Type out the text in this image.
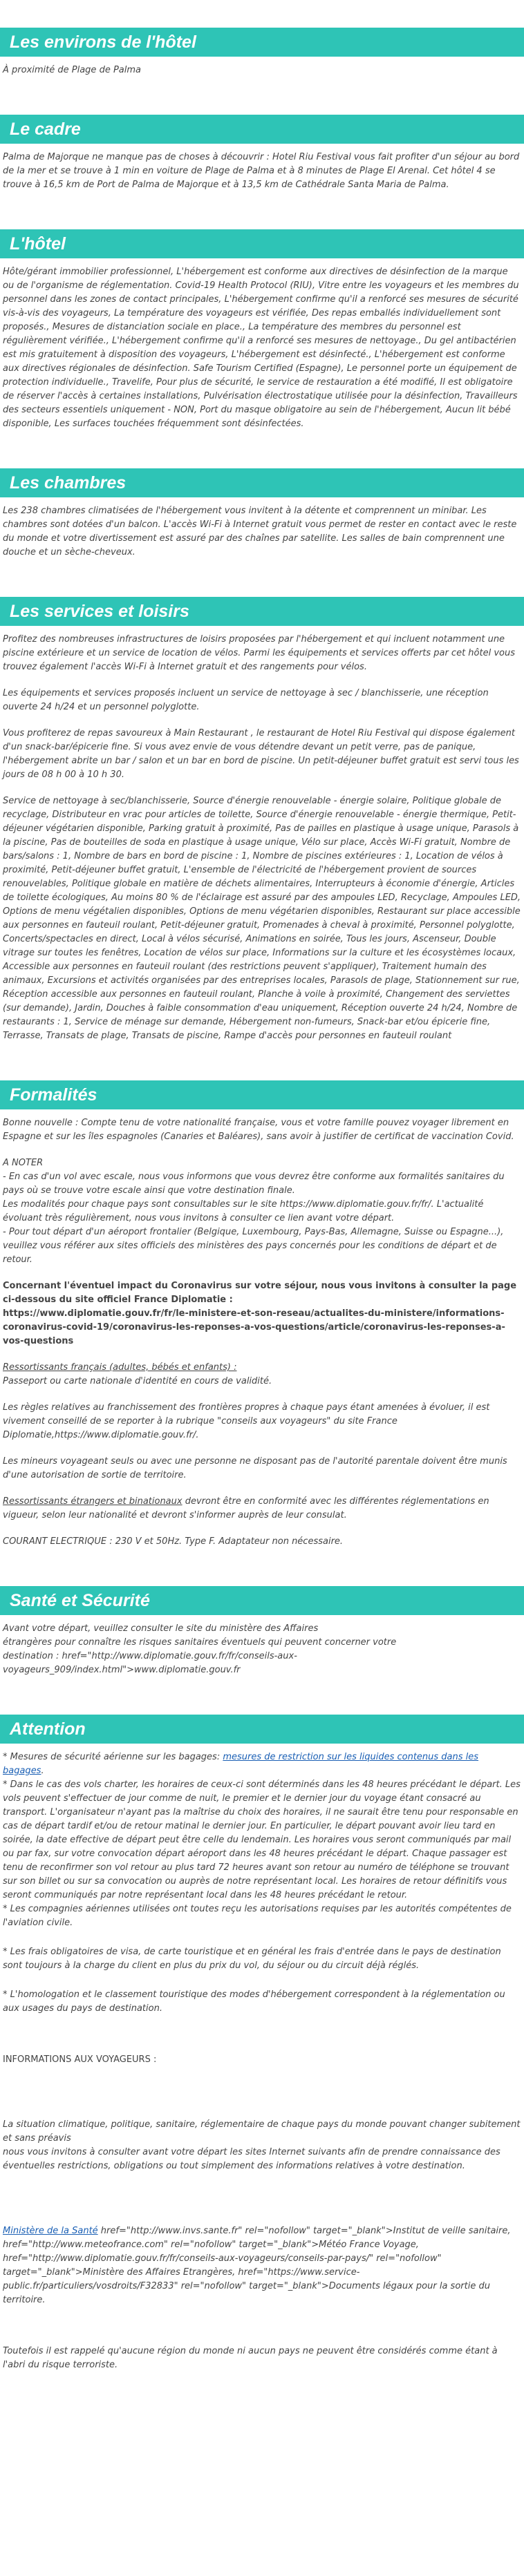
Les environs de l'hôtel

À proximité de Plage de Palma

Le cadre

Palma de Majorque ne manque pas de choses à découvrir : Hotel Riu Festival vous fait profiter d'un séjour au bord de la mer et se trouve à 1 min en voiture de Plage de Palma et à 8 minutes de Plage El Arenal. Cet hôtel 4 se trouve à 16,5 km de Port de Palma de Majorque et à 13,5 km de Cathédrale Santa Maria de Palma.

L'hôtel

Hôte/gérant immobilier professionnel, L'hébergement est conforme aux directives de désinfection de la marque ou de l'organisme de réglementation. Covid-19 Health Protocol (RIU), Vitre entre les voyageurs et les membres du personnel dans les zones de contact principales, L'hébergement confirme qu'il a renforcé ses mesures de sécurité vis-à-vis des voyageurs, La température des voyageurs est vérifiée, Des repas emballés individuellement sont proposés., Mesures de distanciation sociale en place., La température des membres du personnel est régulièrement vérifiée., L'hébergement confirme qu'il a renforcé ses mesures de nettoyage., Du gel antibactérien est mis gratuitement à disposition des voyageurs, L'hébergement est désinfecté., L'hébergement est conforme aux directives régionales de désinfection. Safe Tourism Certified (Espagne), Le personnel porte un équipement de protection individuelle., Travelife, Pour plus de sécurité, le service de restauration a été modifié, Il est obligatoire de réserver l'accès à certaines installations, Pulvérisation électrostatique utilisée pour la désinfection, Travailleurs des secteurs essentiels uniquement - NON, Port du masque obligatoire au sein de l'hébergement, Aucun lit bébé disponible, Les surfaces touchées fréquemment sont désinfectées.

Les chambres

Les 238 chambres climatisées de l'hébergement vous invitent à la détente et comprennent un minibar. Les chambres sont dotées d'un balcon. L'accès Wi-Fi à Internet gratuit vous permet de rester en contact avec le reste du monde et votre divertissement est assuré par des chaînes par satellite. Les salles de bain comprennent une douche et un sèche-cheveux.

Les services et loisirs

Profitez des nombreuses infrastructures de loisirs proposées par l'hébergement et qui incluent notamment une piscine extérieure et un service de location de vélos. Parmi les équipements et services offerts par cet hôtel vous trouvez également l'accès Wi-Fi à Internet gratuit et des rangements pour vélos.

Les équipements et services proposés incluent un service de nettoyage à sec / blanchisserie, une réception ouverte 24 h/24 et un personnel polyglotte.

Vous profiterez de repas savoureux à Main Restaurant , le restaurant de Hotel Riu Festival qui dispose également d'un snack-bar/épicerie fine. Si vous avez envie de vous détendre devant un petit verre, pas de panique, l'hébergement abrite un bar / salon et un bar en bord de piscine. Un petit-déjeuner buffet gratuit est servi tous les jours de 08 h 00 à 10 h 30.

Service de nettoyage à sec/blanchisserie, Source d'énergie renouvelable - énergie solaire, Politique globale de recyclage, Distributeur en vrac pour articles de toilette, Source d'énergie renouvelable - énergie thermique, Petit-déjeuner végétarien disponible, Parking gratuit à proximité, Pas de pailles en plastique à usage unique, Parasols à la piscine, Pas de bouteilles de soda en plastique à usage unique, Vélo sur place, Accès Wi-Fi gratuit, Nombre de bars/salons : 1, Nombre de bars en bord de piscine : 1, Nombre de piscines extérieures : 1, Location de vélos à proximité, Petit-déjeuner buffet gratuit, L'ensemble de l'électricité de l'hébergement provient de sources renouvelables, Politique globale en matière de déchets alimentaires, Interrupteurs à économie d'énergie, Articles de toilette écologiques, Au moins 80 % de l'éclairage est assuré par des ampoules LED, Recyclage, Ampoules LED, Options de menu végétalien disponibles, Options de menu végétarien disponibles, Restaurant sur place accessible aux personnes en fauteuil roulant, Petit-déjeuner gratuit, Promenades à cheval à proximité, Personnel polyglotte, Concerts/spectacles en direct, Local à vélos sécurisé, Animations en soirée, Tous les jours, Ascenseur, Double vitrage sur toutes les fenêtres, Location de vélos sur place, Informations sur la culture et les écosystèmes locaux, Accessible aux personnes en fauteuil roulant (des restrictions peuvent s'appliquer), Traitement humain des animaux, Excursions et activités organisées par des entreprises locales, Parasols de plage, Stationnement sur rue, Réception accessible aux personnes en fauteuil roulant, Planche à voile à proximité, Changement des serviettes (sur demande), Jardin, Douches à faible consommation d'eau uniquement, Réception ouverte 24 h/24, Nombre de restaurants : 1, Service de ménage sur demande, Hébergement non-fumeurs, Snack-bar et/ou épicerie fine, Terrasse, Transats de plage, Transats de piscine, Rampe d'accès pour personnes en fauteuil roulant

Formalités

Bonne nouvelle : Compte tenu de votre nationalité française, vous et votre famille pouvez voyager librement en Espagne et sur les îles espagnoles (Canaries et Baléares), sans avoir à justifier de certificat de vaccination Covid.

A NOTER
- En cas d'un vol avec escale, nous vous informons que vous devrez être conforme aux formalités sanitaires du pays où se trouve votre escale ainsi que votre destination finale.
Les modalités pour chaque pays sont consultables sur le site https://www.diplomatie.gouv.fr/fr/. L'actualité évoluant très régulièrement, nous vous invitons à consulter ce lien avant votre départ.
- Pour tout départ d'un aéroport frontalier (Belgique, Luxembourg, Pays-Bas, Allemagne, Suisse ou Espagne...), veuillez vous référer aux sites officiels des ministères des pays concernés pour les conditions de départ et de retour.

Concernant l'éventuel impact du Coronavirus sur votre séjour, nous vous invitons à consulter la page ci-dessous du site officiel France Diplomatie :
https://www.diplomatie.gouv.fr/fr/le-ministere-et-son-reseau/actualites-du-ministere/informations-coronavirus-covid-19/coronavirus-les-reponses-a-vos-questions/article/coronavirus-les-reponses-a-vos-questions

Ressortissants français (adultes, bébés et enfants) :
Passeport ou carte nationale d'identité en cours de validité.

Les règles relatives au franchissement des frontières propres à chaque pays étant amenées à évoluer, il est vivement conseillé de se reporter à la rubrique "conseils aux voyageurs" du site France Diplomatie,https://www.diplomatie.gouv.fr/.

Les mineurs voyageant seuls ou avec une personne ne disposant pas de l'autorité parentale doivent être munis d'une autorisation de sortie de territoire.

Ressortissants étrangers et binationaux devront être en conformité avec les différentes réglementations en vigueur, selon leur nationalité et devront s'informer auprès de leur consulat.

COURANT ELECTRIQUE : 230 V et 50Hz. Type F. Adaptateur non nécessaire.

Santé et Sécurité

Avant votre départ, veuillez consulter le site du ministère des Affaires
étrangères pour connaître les risques sanitaires éventuels qui peuvent concerner votre
destination : href="http://www.diplomatie.gouv.fr/fr/conseils-aux-voyageurs_909/index.html">www.diplomatie.gouv.fr

Attention

* Mesures de sécurité aérienne sur les bagages: mesures de restriction sur les liquides contenus dans les bagages.
* Dans le cas des vols charter, les horaires de ceux-ci sont déterminés dans les 48 heures précédant le départ. Les vols peuvent s'effectuer de jour comme de nuit, le premier et le dernier jour du voyage étant consacré au transport. L'organisateur n'ayant pas la maîtrise du choix des horaires, il ne saurait être tenu pour responsable en cas de départ tardif et/ou de retour matinal le dernier jour. En particulier, le départ pouvant avoir lieu tard en soirée, la date effective de départ peut être celle du lendemain. Les horaires vous seront communiqués par mail ou par fax, sur votre convocation départ aéroport dans les 48 heures précédant le départ. Chaque passager est tenu de reconfirmer son vol retour au plus tard 72 heures avant son retour au numéro de téléphone se trouvant sur son billet ou sur sa convocation ou auprès de notre représentant local. Les horaires de retour définitifs vous seront communiqués par notre représentant local dans les 48 heures précédant le retour.
* Les compagnies aériennes utilisées ont toutes reçu les autorisations requises par les autorités compétentes de l'aviation civile.

* Les frais obligatoires de visa, de carte touristique et en général les frais d'entrée dans le pays de destination sont toujours à la charge du client en plus du prix du vol, du séjour ou du circuit déjà réglés.

* L'homologation et le classement touristique des modes d'hébergement correspondent à la réglementation ou aux usages du pays de destination.

INFORMATIONS AUX VOYAGEURS :

La situation climatique, politique, sanitaire, réglementaire de chaque pays du monde pouvant changer subitement et sans préavis
nous vous invitons à consulter avant votre départ les sites Internet suivants afin de prendre connaissance des éventuelles restrictions, obligations ou tout simplement des informations relatives à votre destination.

Ministère de la Santé href="http://www.invs.sante.fr" rel="nofollow" target="_blank">Institut de veille sanitaire, href="http://www.meteofrance.com" rel="nofollow" target="_blank">Météo France Voyage, href="http://www.diplomatie.gouv.fr/fr/conseils-aux-voyageurs/conseils-par-pays/" rel="nofollow" target="_blank">Ministère des Affaires Etrangères, href="https://www.service-public.fr/particuliers/vosdroits/F32833" rel="nofollow" target="_blank">Documents légaux pour la sortie du territoire.

Toutefois il est rappelé qu'aucune région du monde ni aucun pays ne peuvent être considérés comme étant à l'abri du risque terroriste.
